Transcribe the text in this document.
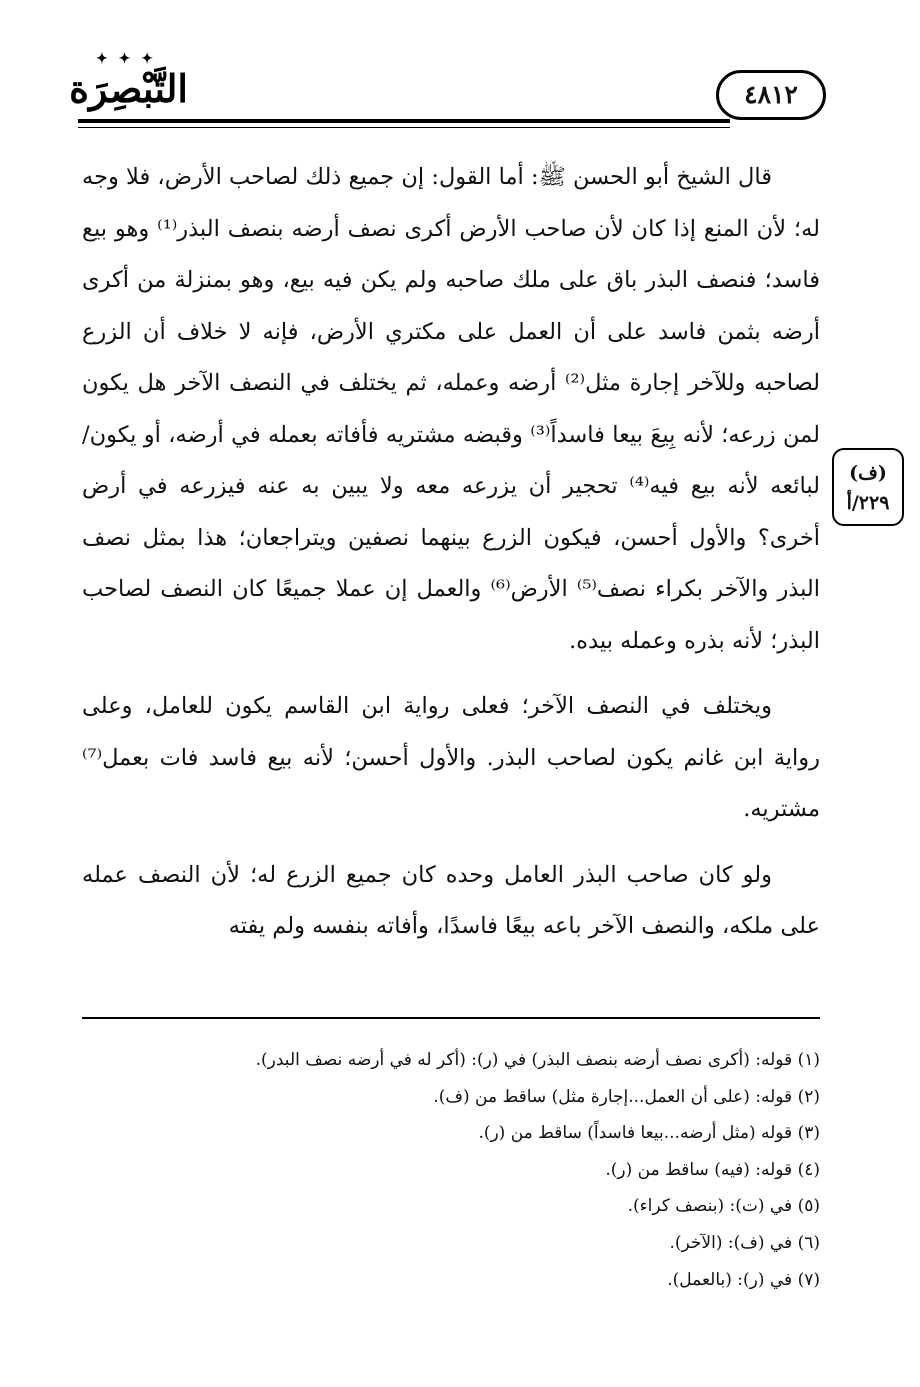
✦ ✦ ✦
التَّبْصِرَة	٤٨١٢

قال الشيخ أبو الحسن ﷺ: أما القول: إن جميع ذلك لصاحب الأرض، فلا وجه له؛ لأن المنع إذا كان لأن صاحب الأرض أكرى نصف أرضه بنصف البذر⁽¹⁾ وهو بيع فاسد؛ فنصف البذر باق على ملك صاحبه ولم يكن فيه بيع، وهو بمنزلة من أكرى أرضه بثمن فاسد على أن العمل على مكتري الأرض، فإنه لا خلاف أن الزرع لصاحبه وللآخر إجارة مثل⁽²⁾ أرضه وعمله، ثم يختلف في النصف الآخر هل يكون لمن زرعه؛ لأنه بِيعَ بيعا فاسداً⁽³⁾ وقبضه مشتريه فأفاته بعمله في أرضه، أو يكون/ لبائعه لأنه بيع فيه⁽⁴⁾ تحجير أن يزرعه معه ولا يبين به عنه فيزرعه في أرض أخرى؟ والأول أحسن، فيكون الزرع بينهما نصفين ويتراجعان؛ هذا بمثل نصف البذر والآخر بكراء نصف⁽⁵⁾ الأرض⁽⁶⁾ والعمل إن عملا جميعًا كان النصف لصاحب البذر؛ لأنه بذره وعمله بيده.

ويختلف في النصف الآخر؛ فعلى رواية ابن القاسم يكون للعامل، وعلى رواية ابن غانم يكون لصاحب البذر. والأول أحسن؛ لأنه بيع فاسد فات بعمل⁽⁷⁾ مشتريه.

ولو كان صاحب البذر العامل وحده كان جميع الزرع له؛ لأن النصف عمله على ملكه، والنصف الآخر باعه بيعًا فاسدًا، وأفاته بنفسه ولم يفته

(ف)
٢٢٩/أ
(١) قوله: (أكرى نصف أرضه بنصف البذر) في (ر): (أكر له في أرضه نصف البدر).
(٢) قوله: (على أن العمل...إجارة مثل) ساقط من (ف).
(٣) قوله (مثل أرضه...بيعا فاسداً) ساقط من (ر).
(٤) قوله: (فيه) ساقط من (ر).
(٥) في (ت): (بنصف كراء).
(٦) في (ف): (الآخر).
(٧) في (ر): (بالعمل).
